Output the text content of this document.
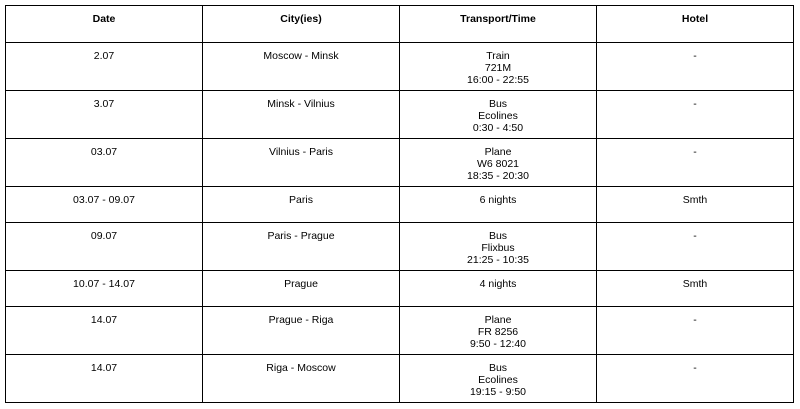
Date	City(ies)	Transport/Time	Hotel
2.07	Moscow - Minsk	Train
721M
16:00 - 22:55	-
3.07	Minsk - Vilnius	Bus
Ecolines
0:30 - 4:50	-
03.07	Vilnius - Paris	Plane
W6 8021
18:35 - 20:30	-
03.07 - 09.07	Paris	6 nights	Smth
09.07	Paris - Prague	Bus
Flixbus
21:25 - 10:35	-
10.07 - 14.07	Prague	4 nights	Smth
14.07	Prague - Riga	Plane
FR 8256
9:50 - 12:40	-
14.07	Riga - Moscow	Bus
Ecolines
19:15 - 9:50	-
